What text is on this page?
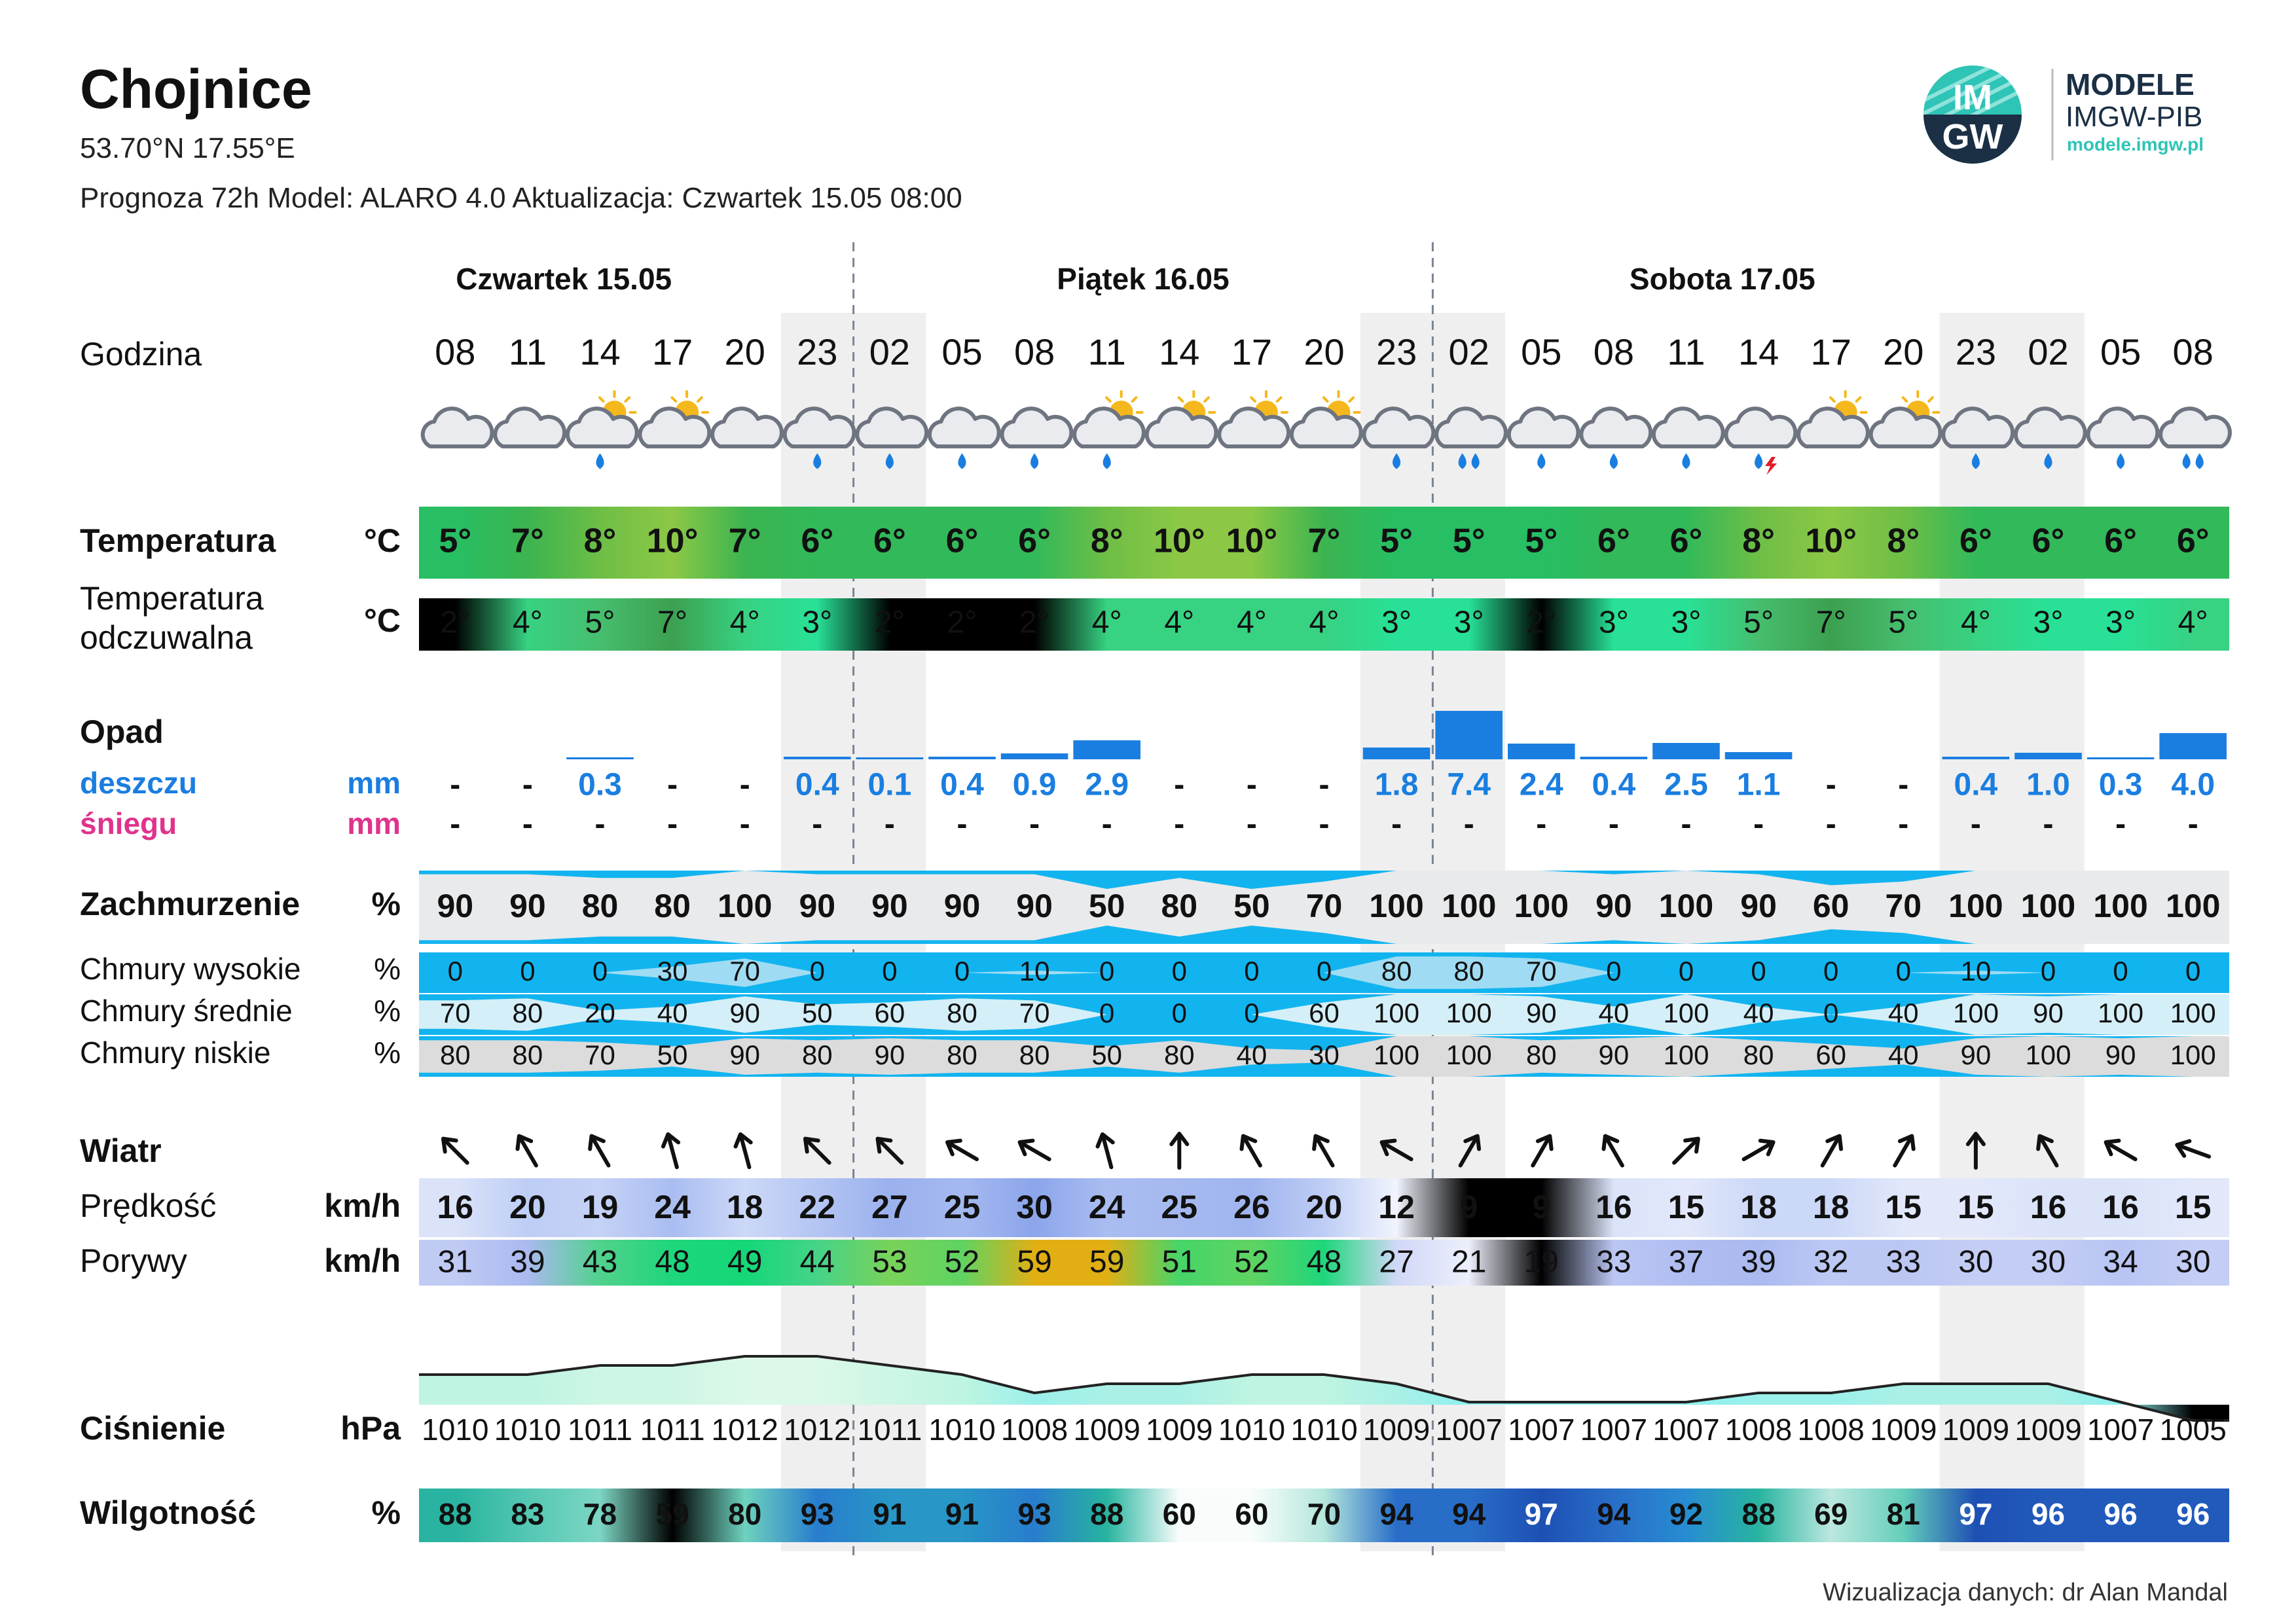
Chojnice
53.70°N 17.55°E
Prognoza 72h Model: ALARO 4.0 Aktualizacja: Czwartek 15.05 08:00
IM
GW
MODELE
IMGW-PIB
modele.imgw.pl
Czwartek 15.05	Piątek 16.05	Sobota 17.05
Godzina	08 11 14 17 20 23 02 05 08 11 14 17 20 23 02 05 08 11 14 17 20 23 02 05 08
Temperatura	°C 5° 7° 8° 10° 7° 6° 6° 6° 6° 8° 10° 10° 7° 5° 5° 5° 6° 6° 8° 10° 8° 6° 6° 6° 6°
Temperatura
odczuwalna	°C 2° 4° 5° 7° 4° 3° 2° 2° 2° 4° 4° 4° 4° 3° 3° 2° 3° 3° 5° 7° 5° 4° 3° 3° 4°
Opad
deszczu	mm
śniegu	mm
- - 0.3 - - 0.4 0.1 0.4 0.9 2.9 - - - 1.8 7.4 2.4 0.4 2.5 1.1 - - 0.4 1.0 0.3 4.0
- - - - - - - - - - - - - - - - - - - - - - - - -
Zachmurzenie % 90 90 80 80 100 90 90 90 90 50 80 50 70 100 100 100 90 100 90 60 70 100 100 100 100
Chmury wysokie % 0 0 0 30 70 0 0 0 10 0 0 0 0 80 80 70 0 0 0 0 0 10 0 0 0
Chmury średnie	% 70 80 20 40 90 50 60 80 70 0 0 0 60 100 100 90 40 100 40 0 40 100 90 100 100
Chmury niskie	% 80 80 70 50 90 80 90 80 80 50 80 40 30 100 100 80 90 100 80 60 40 90 100 90 100
Wiatr
Prędkość	km/h 16 20 19 24 18 22 27 25 30 24 25 26 20 12 9 9 16 15 18 18 15 15 16 16 15
Porywy	km/h 31 39 43 48 49 44 53 52 59 59 51 52 48 27 21 19 33 37 39 32 33 30 30 34 30
Ciśnienie	hPa 1010 1010 1011 1011 1012 1012 1011 1010 1008 1009 1009 1010 1010 1009 1007 1007 1007 1007 1008 1008 1009 1009 1009 1007 1005
Wilgotność	% 88 83 78 59 80 93 91 91 93 88 60 60 70 94 94 97 94 92 88 69 81 97 96 96 96
Wizualizacja danych: dr Alan Mandal
